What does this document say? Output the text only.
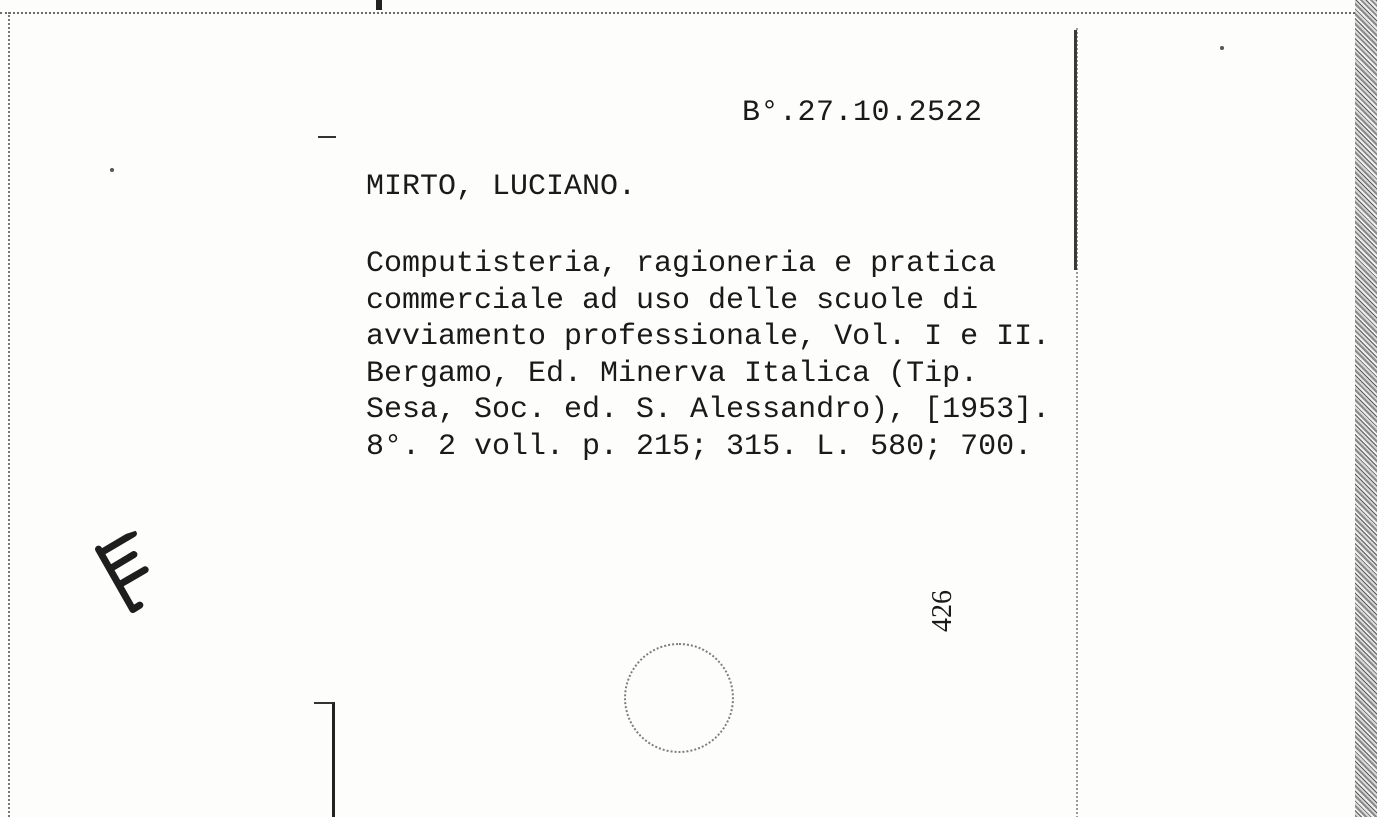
B°.27.10.2522
MIRTO, LUCIANO.
Computisteria, ragioneria e pratica
commerciale ad uso delle scuole di
avviamento professionale, Vol. I e II.
Bergamo, Ed. Minerva Italica (Tip.
Sesa, Soc. ed. S. Alessandro), [1953].
8°. 2 voll. p. 215; 315. L. 580; 700.
426
